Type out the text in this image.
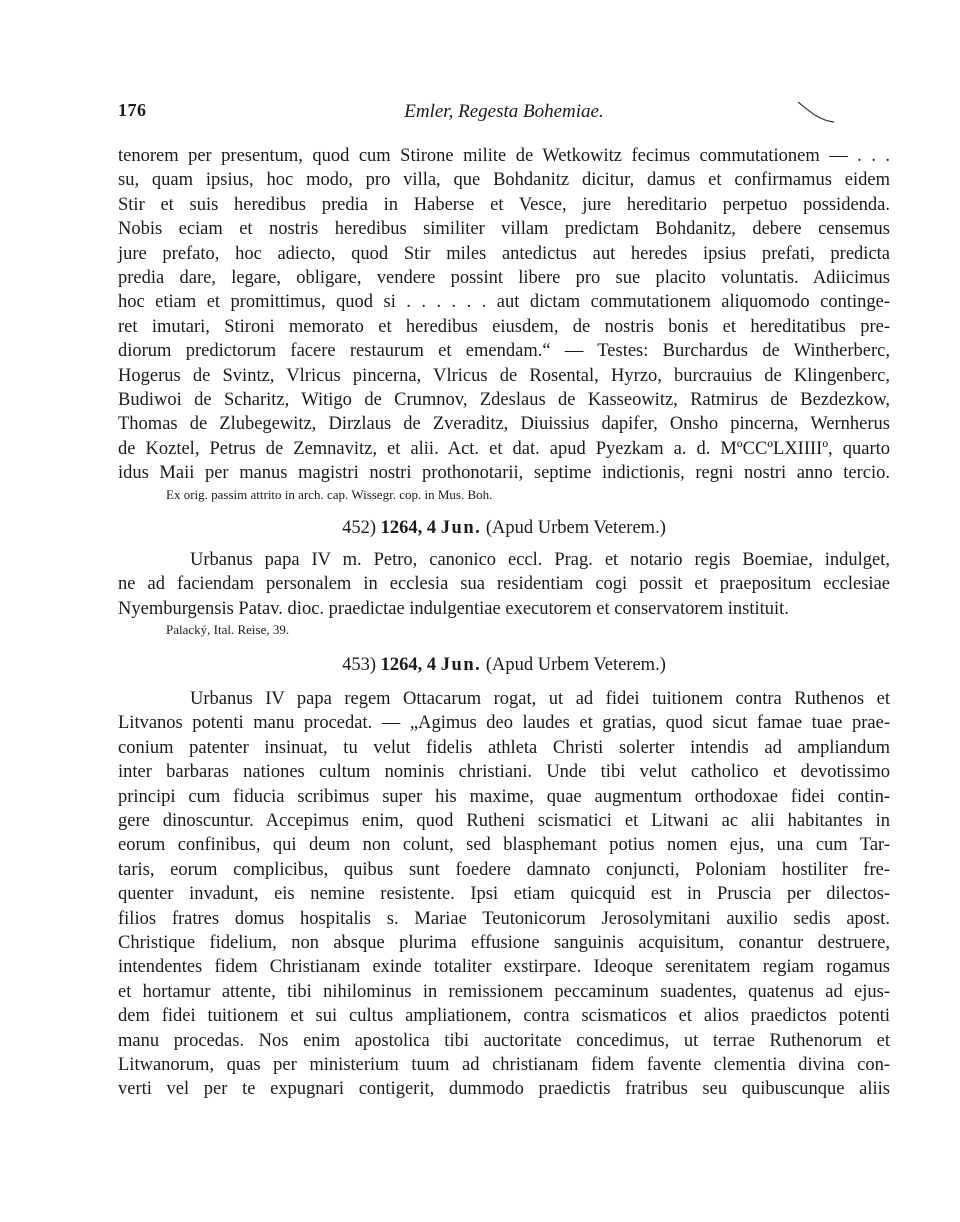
176	Emler, Regesta Bohemiae.

tenorem per presentum, quod cum Stirone milite de Wetkowitz fecimus commutationem — . . .

su, quam ipsius, hoc modo, pro villa, que Bohdanitz dicitur, damus et confirmamus eidem

Stir et suis heredibus predia in Haberse et Vesce, jure hereditario perpetuo possidenda.

Nobis eciam et nostris heredibus similiter villam predictam Bohdanitz, debere censemus

jure prefato, hoc adiecto, quod Stir miles antedictus aut heredes ipsius prefati, predicta

predia dare, legare, obligare, vendere possint libere pro sue placito voluntatis. Adiicimus

hoc etiam et promittimus, quod si . . . . . . aut dictam commutationem aliquomodo continge-

ret imutari, Stironi memorato et heredibus eiusdem, de nostris bonis et hereditatibus pre-

diorum predictorum facere restaurum et emendam.“ — Testes: Burchardus de Wintherberc,

Hogerus de Svintz, Vlricus pincerna, Vlricus de Rosental, Hyrzo, burcrauius de Klingenberc,

Budiwoi de Scharitz, Witigo de Crumnov, Zdeslaus de Kasseowitz, Ratmirus de Bezdezkow,

Thomas de Zlubegewitz, Dirzlaus de Zveraditz, Diuissius dapifer, Onsho pincerna, Wernherus

de Koztel, Petrus de Zemnavitz, et alii. Act. et dat. apud Pyezkam a. d. MºCCºLXIIIIº, quarto

idus Maii per manus magistri nostri prothonotarii, septime indictionis, regni nostri anno tercio.

Ex orig. passim attrito in arch. cap. Wissegr. cop. in Mus. Boh.

452) 1264, 4 Jun. (Apud Urbem Veterem.)

Urbanus papa IV m. Petro, canonico eccl. Prag. et notario regis Boemiae, indulget,

ne ad faciendam personalem in ecclesia sua residentiam cogi possit et praepositum ecclesiae

Nyemburgensis Patav. dioc. praedictae indulgentiae executorem et conservatorem instituit.

Palacký, Ital. Reise, 39.

453) 1264, 4 Jun. (Apud Urbem Veterem.)

Urbanus IV papa regem Ottacarum rogat, ut ad fidei tuitionem contra Ruthenos et

Litvanos potenti manu procedat. — „Agimus deo laudes et gratias, quod sicut famae tuae prae-

conium patenter insinuat, tu velut fidelis athleta Christi solerter intendis ad ampliandum

inter barbaras nationes cultum nominis christiani. Unde tibi velut catholico et devotissimo

principi cum fiducia scribimus super his maxime, quae augmentum orthodoxae fidei contin-

gere dinoscuntur. Accepimus enim, quod Rutheni scismatici et Litwani ac alii habitantes in

eorum confinibus, qui deum non colunt, sed blasphemant potius nomen ejus, una cum Tar-

taris, eorum complicibus, quibus sunt foedere damnato conjuncti, Poloniam hostiliter fre-

quenter invadunt, eis nemine resistente. Ipsi etiam quicquid est in Pruscia per dilectos-

filios fratres domus hospitalis s. Mariae Teutonicorum Jerosolymitani auxilio sedis apost.

Christique fidelium, non absque plurima effusione sanguinis acquisitum, conantur destruere,

intendentes fidem Christianam exinde totaliter exstirpare. Ideoque serenitatem regiam rogamus

et hortamur attente, tibi nihilominus in remissionem peccaminum suadentes, quatenus ad ejus-

dem fidei tuitionem et sui cultus ampliationem, contra scismaticos et alios praedictos potenti

manu procedas. Nos enim apostolica tibi auctoritate concedimus, ut terrae Ruthenorum et

Litwanorum, quas per ministerium tuum ad christianam fidem favente clementia divina con-

verti vel per te expugnari contigerit, dummodo praedictis fratribus seu quibuscunque aliis
